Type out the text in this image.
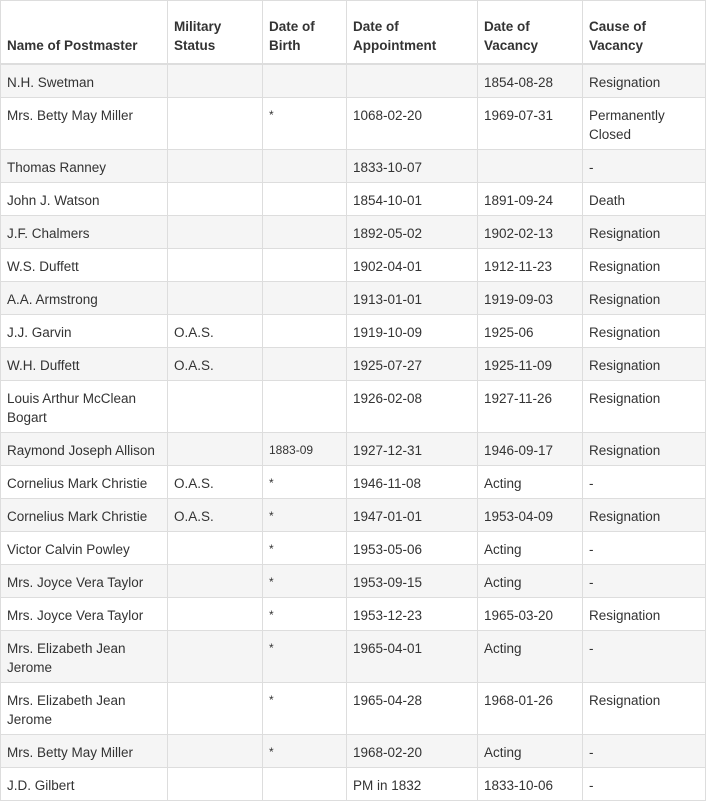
Name of Postmaster	Military Status	Date of Birth	Date of Appointment	Date of Vacancy	Cause of Vacancy
N.H. Swetman				1854-08-28	Resignation
Mrs. Betty May Miller		*	1068-02-20	1969-07-31	Permanently Closed
Thomas Ranney			1833-10-07		-
John J. Watson			1854-10-01	1891-09-24	Death
J.F. Chalmers			1892-05-02	1902-02-13	Resignation
W.S. Duffett			1902-04-01	1912-11-23	Resignation
A.A. Armstrong			1913-01-01	1919-09-03	Resignation
J.J. Garvin	O.A.S.		1919-10-09	1925-06	Resignation
W.H. Duffett	O.A.S.		1925-07-27	1925-11-09	Resignation
Louis Arthur McClean Bogart			1926-02-08	1927-11-26	Resignation
Raymond Joseph Allison		1883-09	1927-12-31	1946-09-17	Resignation
Cornelius Mark Christie	O.A.S.	*	1946-11-08	Acting	-
Cornelius Mark Christie	O.A.S.	*	1947-01-01	1953-04-09	Resignation
Victor Calvin Powley		*	1953-05-06	Acting	-
Mrs. Joyce Vera Taylor		*	1953-09-15	Acting	-
Mrs. Joyce Vera Taylor		*	1953-12-23	1965-03-20	Resignation
Mrs. Elizabeth Jean Jerome		*	1965-04-01	Acting	-
Mrs. Elizabeth Jean Jerome		*	1965-04-28	1968-01-26	Resignation
Mrs. Betty May Miller		*	1968-02-20	Acting	-
J.D. Gilbert			PM in 1832	1833-10-06	-
